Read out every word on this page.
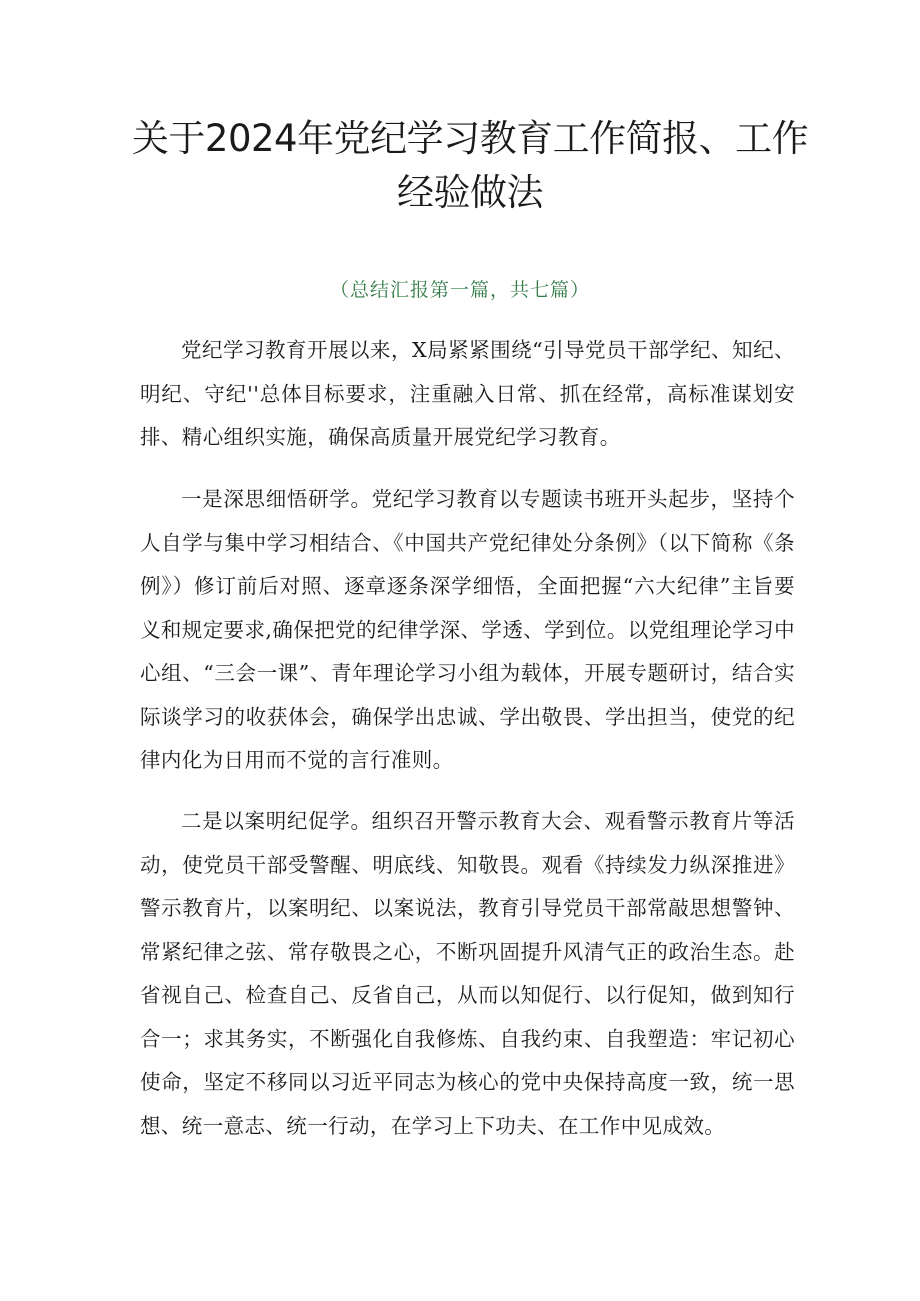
关于2024年党纪学习教育工作简报、工作经验做法
（总结汇报第一篇，共七篇）

党纪学习教育开展以来，X局紧紧围绕“引导党员干部学纪、知纪、明纪、守纪''总体目标要求，注重融入日常、抓在经常，高标准谋划安排、精心组织实施，确保高质量开展党纪学习教育。

一是深思细悟研学。党纪学习教育以专题读书班开头起步，坚持个人自学与集中学习相结合、《中国共产党纪律处分条例》（以下简称《条例》）修订前后对照、逐章逐条深学细悟，全面把握“六大纪律”主旨要义和规定要求,确保把党的纪律学深、学透、学到位。以党组理论学习中心组、“三会一课”、青年理论学习小组为载体，开展专题研讨，结合实际谈学习的收获体会，确保学出忠诚、学出敬畏、学出担当，使党的纪律内化为日用而不觉的言行准则。

二是以案明纪促学。组织召开警示教育大会、观看警示教育片等活动，使党员干部受警醒、明底线、知敬畏。观看《持续发力纵深推进》警示教育片，以案明纪、以案说法，教育引导党员干部常敲思想警钟、常紧纪律之弦、常存敬畏之心，不断巩固提升风清气正的政治生态。赴省视自己、检查自己、反省自己，从而以知促行、以行促知，做到知行合一；求其务实，不断强化自我修炼、自我约束、自我塑造：牢记初心使命，坚定不移同以习近平同志为核心的党中央保持高度一致，统一思想、统一意志、统一行动，在学习上下功夫、在工作中见成效。
